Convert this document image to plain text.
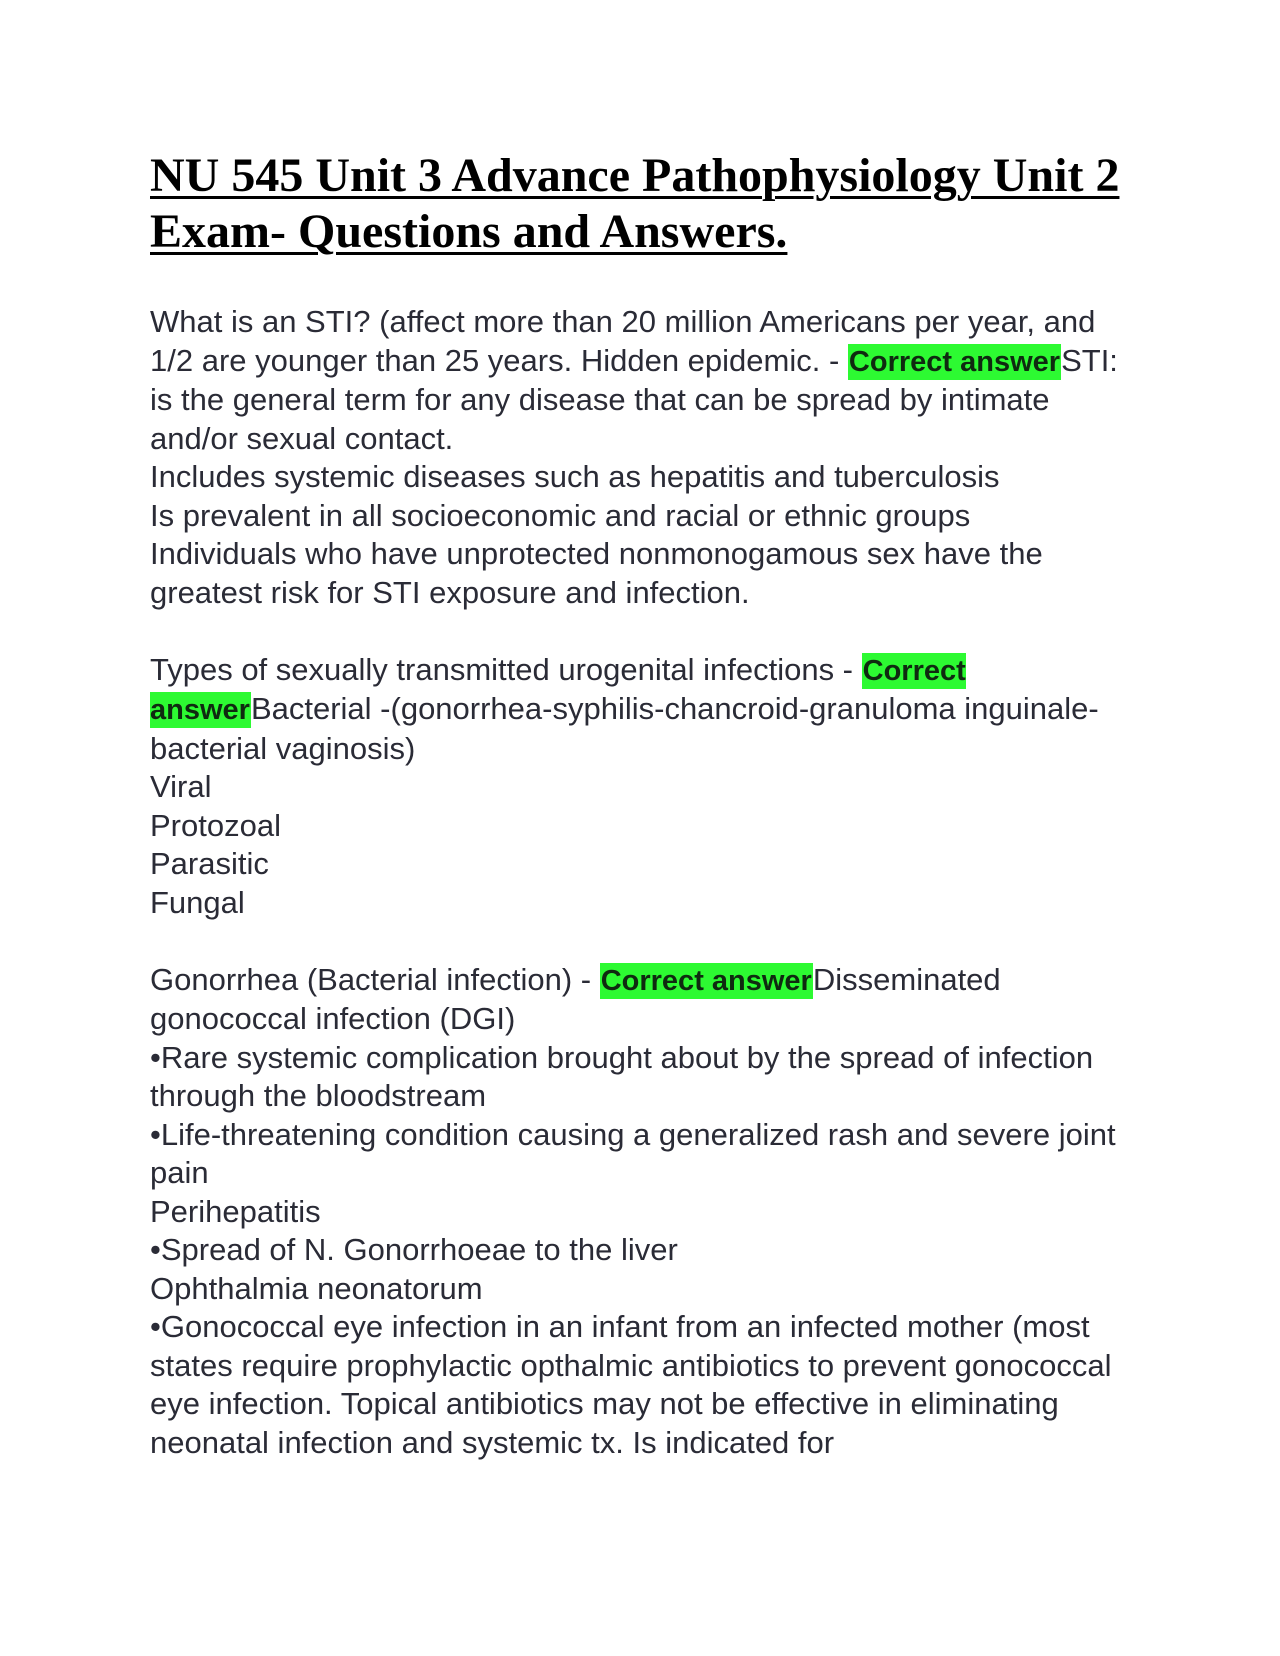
NU 545 Unit 3 Advance Pathophysiology Unit 2 Exam- Questions and Answers.
What is an STI? (affect more than 20 million Americans per year, and 1/2 are younger than 25 years. Hidden epidemic. - Correct answerSTI: is the general term for any disease that can be spread by intimate and/or sexual contact.
Includes systemic diseases such as hepatitis and tuberculosis
Is prevalent in all socioeconomic and racial or ethnic groups
Individuals who have unprotected nonmonogamous sex have the greatest risk for STI exposure and infection.
Types of sexually transmitted urogenital infections - Correct answerBacterial -(gonorrhea-syphilis-chancroid-granuloma inguinale-bacterial vaginosis)
Viral
Protozoal
Parasitic
Fungal
Gonorrhea (Bacterial infection) - Correct answerDisseminated gonococcal infection (DGI)
•Rare systemic complication brought about by the spread of infection through the bloodstream
•Life-threatening condition causing a generalized rash and severe joint pain
Perihepatitis
•Spread of N. Gonorrhoeae to the liver
Ophthalmia neonatorum
•Gonococcal eye infection in an infant from an infected mother (most states require prophylactic opthalmic antibiotics to prevent gonococcal eye infection. Topical antibiotics may not be effective in eliminating neonatal infection and systemic tx. Is indicated for
